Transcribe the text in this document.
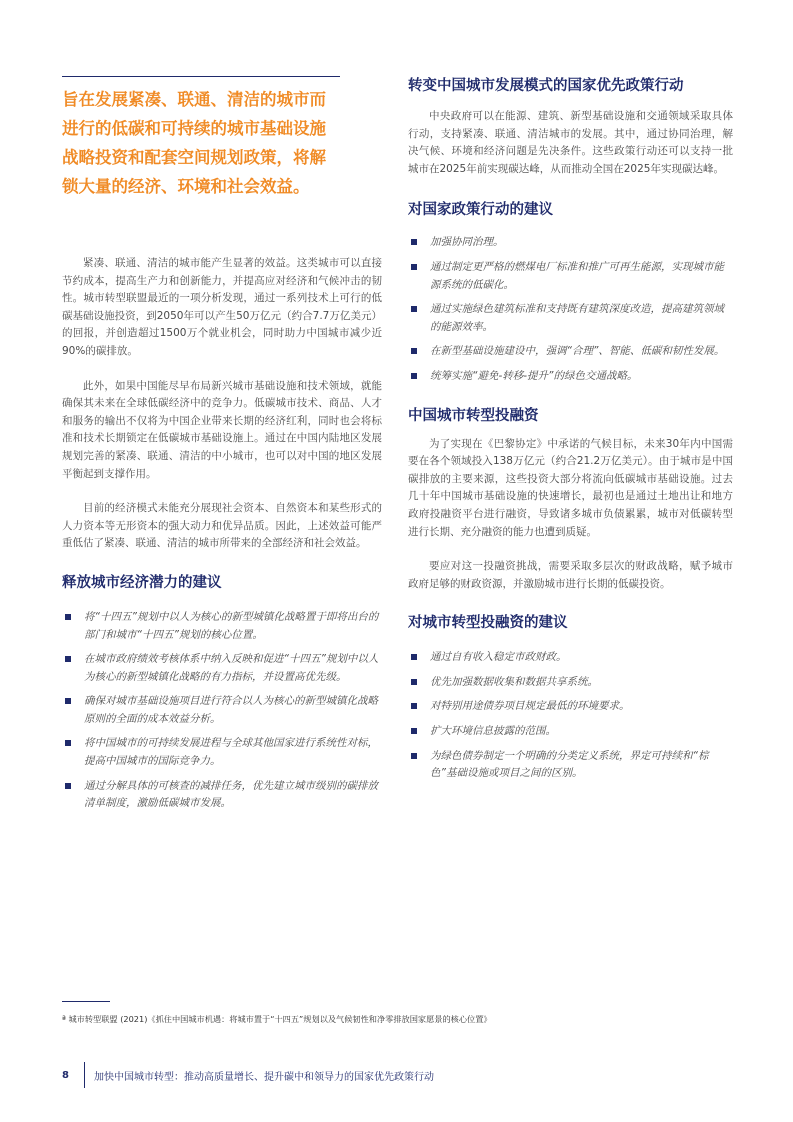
旨在发展紧凑、联通、清洁的城市而进行的低碳和可持续的城市基础设施战略投资和配套空间规划政策，将解锁大量的经济、环境和社会效益。

紧凑、联通、清洁的城市能产生显著的效益。这类城市可以直接节约成本，提高生产力和创新能力，并提高应对经济和气候冲击的韧性。城市转型联盟最近的一项分析发现，通过一系列技术上可行的低碳基础设施投资，到2050年可以产生50万亿元（约合7.7万亿美元）的回报，并创造超过1500万个就业机会，同时助力中国城市减少近90%的碳排放。

此外，如果中国能尽早布局新兴城市基础设施和技术领域，就能确保其未来在全球低碳经济中的竞争力。低碳城市技术、商品、人才和服务的输出不仅将为中国企业带来长期的经济红利，同时也会将标准和技术长期锁定在低碳城市基础设施上。通过在中国内陆地区发展规划完善的紧凑、联通、清洁的中小城市，也可以对中国的地区发展平衡起到支撑作用。

目前的经济模式未能充分展现社会资本、自然资本和某些形式的人力资本等无形资本的强大动力和优异品质。因此，上述效益可能严重低估了紧凑、联通、清洁的城市所带来的全部经济和社会效益。

释放城市经济潜力的建议
将“十四五”规划中以人为核心的新型城镇化战略置于即将出台的部门和城市“十四五”规划的核心位置。
在城市政府绩效考核体系中纳入反映和促进“十四五”规划中以人为核心的新型城镇化战略的有力指标，并设置高优先级。
确保对城市基础设施项目进行符合以人为核心的新型城镇化战略原则的全面的成本效益分析。
将中国城市的可持续发展进程与全球其他国家进行系统性对标，提高中国城市的国际竞争力。
通过分解具体的可核查的减排任务，优先建立城市级别的碳排放清单制度，激励低碳城市发展。
转变中国城市发展模式的国家优先政策行动

中央政府可以在能源、建筑、新型基础设施和交通领域采取具体行动，支持紧凑、联通、清洁城市的发展。其中，通过协同治理，解决气候、环境和经济问题是先决条件。这些政策行动还可以支持一批城市在2025年前实现碳达峰，从而推动全国在2025年实现碳达峰。

对国家政策行动的建议
加强协同治理。
通过制定更严格的燃煤电厂标准和推广可再生能源，实现城市能源系统的低碳化。
通过实施绿色建筑标准和支持既有建筑深度改造，提高建筑领域的能源效率。
在新型基础设施建设中，强调“合理”、智能、低碳和韧性发展。
统筹实施“避免-转移-提升”的绿色交通战略。
中国城市转型投融资

为了实现在《巴黎协定》中承诺的气候目标，未来30年内中国需要在各个领域投入138万亿元（约合21.2万亿美元）。由于城市是中国碳排放的主要来源，这些投资大部分将流向低碳城市基础设施。过去几十年中国城市基础设施的快速增长，最初也是通过土地出让和地方政府投融资平台进行融资，导致诸多城市负债累累，城市对低碳转型进行长期、充分融资的能力也遭到质疑。

要应对这一投融资挑战，需要采取多层次的财政战略，赋予城市政府足够的财政资源，并激励城市进行长期的低碳投资。

对城市转型投融资的建议
通过自有收入稳定市政财政。
优先加强数据收集和数据共享系统。
对特别用途债券项目规定最低的环境要求。
扩大环境信息披露的范围。
为绿色债券制定一个明确的分类定义系统，界定可持续和“棕色”基础设施或项目之间的区别。
ª 城市转型联盟 (2021)《抓住中国城市机遇：将城市置于“十四五”规划以及气候韧性和净零排放国家愿景的核心位置》
8	加快中国城市转型：推动高质量增长、提升碳中和领导力的国家优先政策行动
